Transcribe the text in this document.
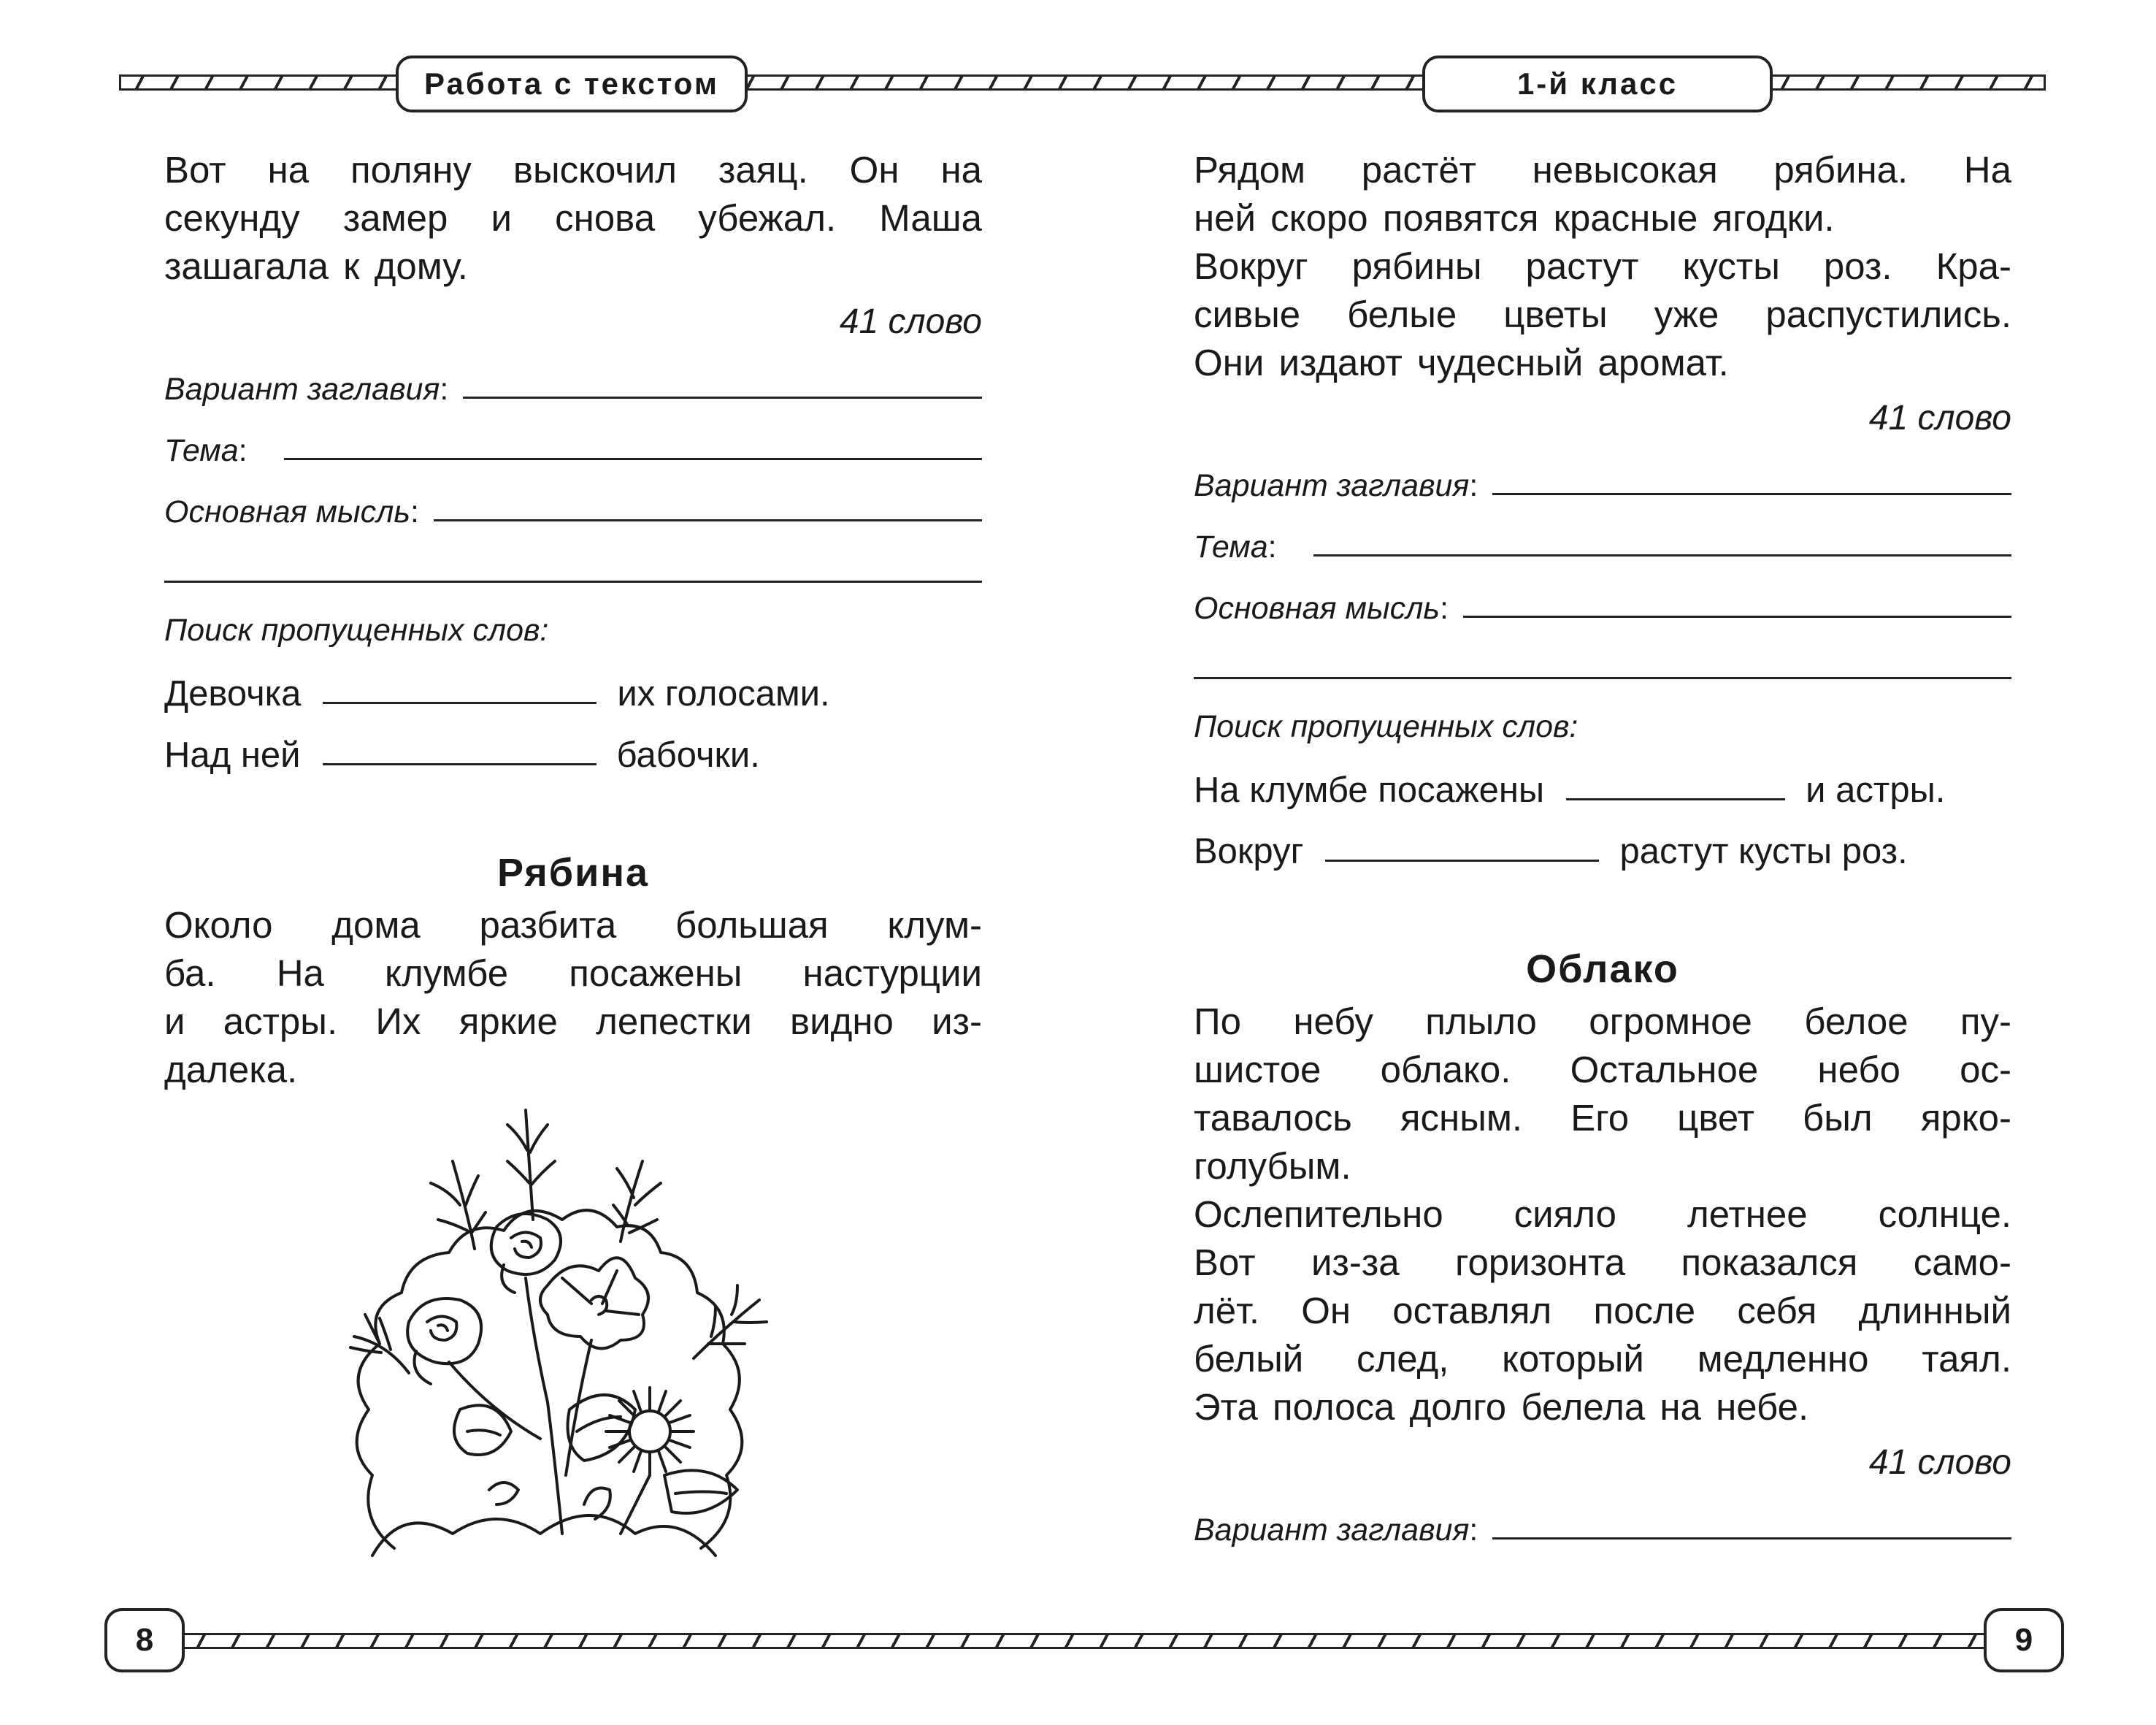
Работа с текстом	1-й класс
8	9
Вот на поляну выскочил заяц. Он на
секунду замер и снова убежал. Маша
зашагала к дому.
41 слово
Вариант заглавия :
Тема :
Основная мысль :
Поиск пропущенных слов:
Девочка	их голосами.
Над ней	бабочки.
Рябина
Около дома разбита большая клум-
ба. На клумбе посажены настурции
и астры. Их яркие лепестки видно из-
далека.
Рядом растёт невысокая рябина. На
ней скоро появятся красные ягодки.
Вокруг рябины растут кусты роз. Кра-
сивые белые цветы уже распустились.
Они издают чудесный аромат.
41 слово
Вариант заглавия :
Тема :
Основная мысль :
Поиск пропущенных слов:
На клумбе посажены	и астры.
Вокруг	растут кусты роз.
Облако
По небу плыло огромное белое пу-
шистое облако. Остальное небо ос-
тавалось ясным. Его цвет был ярко-
голубым.
Ослепительно сияло летнее солнце.
Вот из-за горизонта показался само-
лёт. Он оставлял после себя длинный
белый след, который медленно таял.
Эта полоса долго белела на небе.
41 слово
Вариант заглавия :
